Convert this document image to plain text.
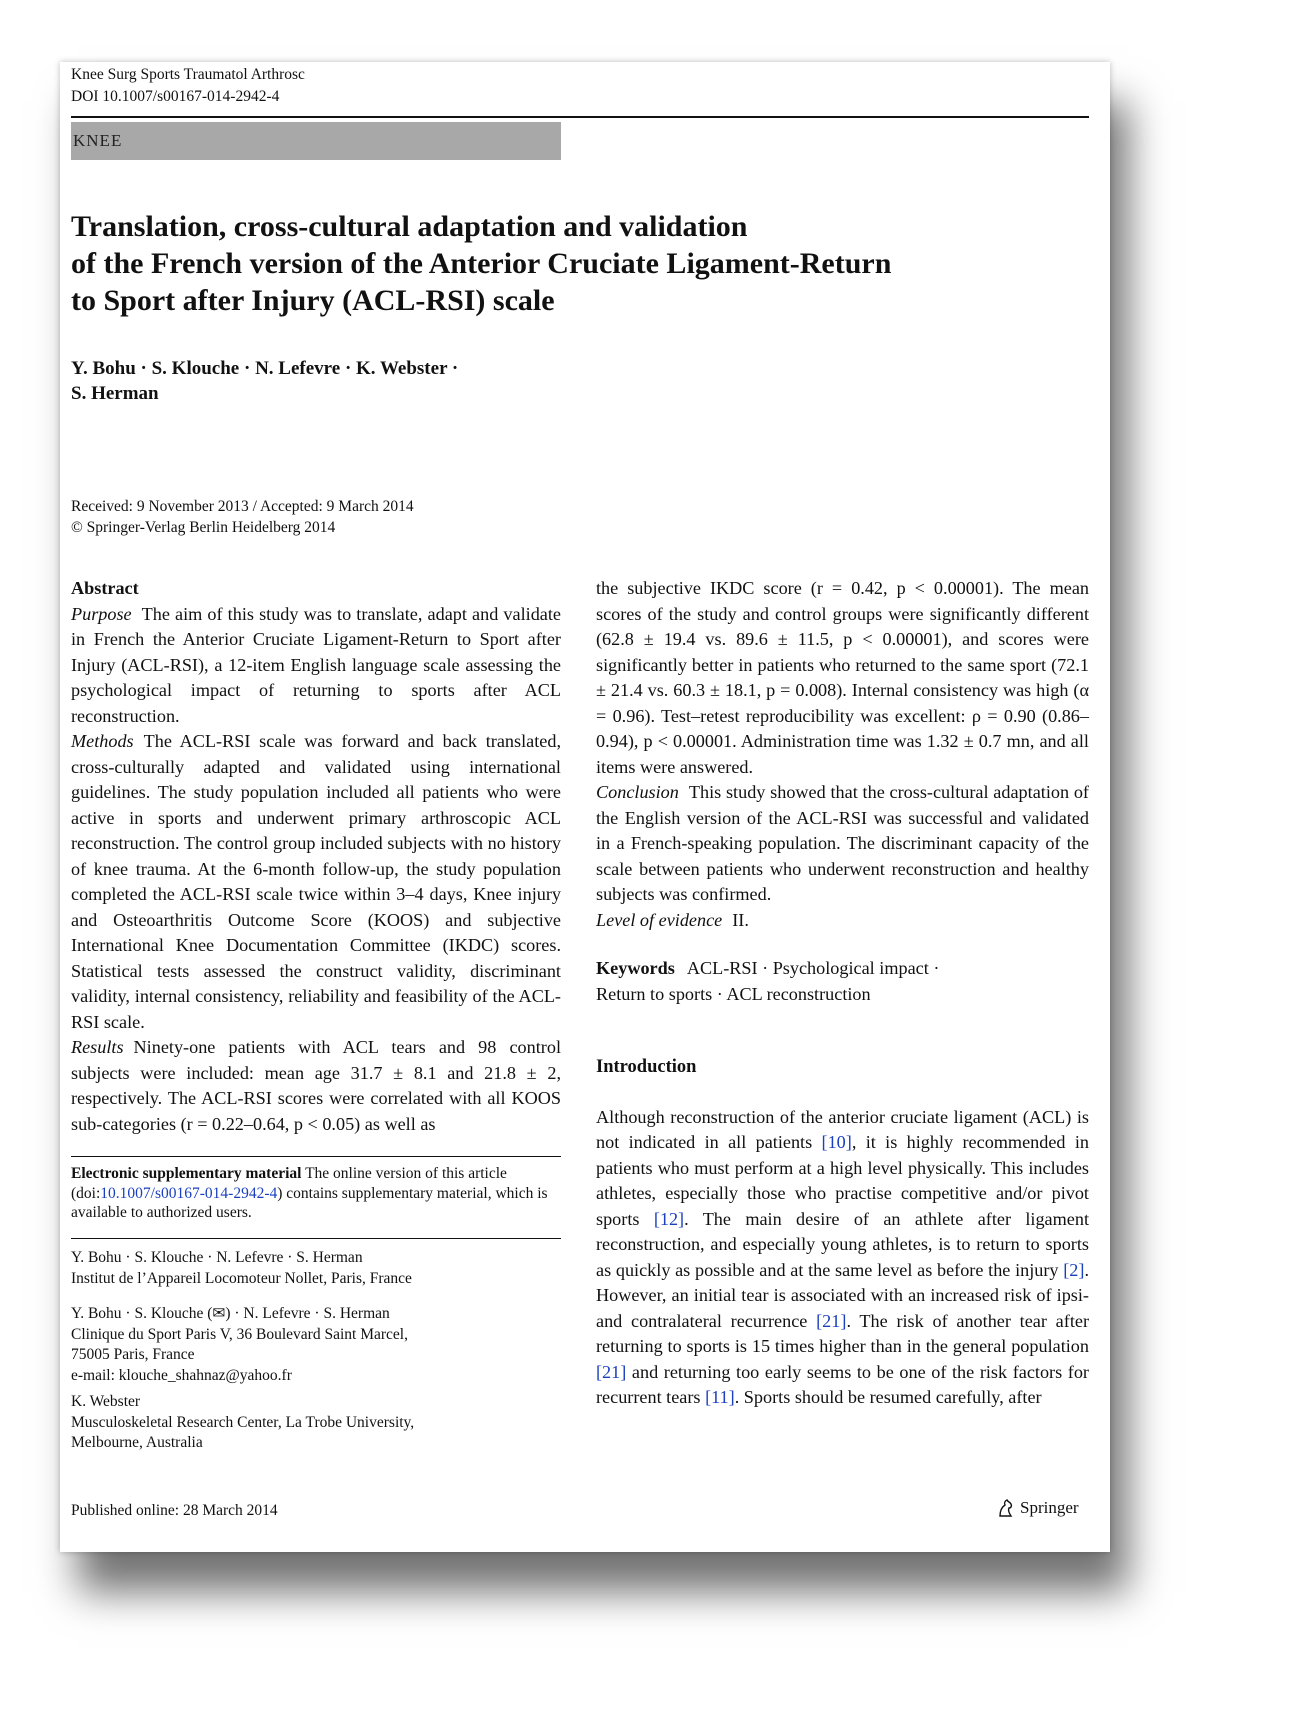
Knee Surg Sports Traumatol Arthrosc
DOI 10.1007/s00167-014-2942-4
KNEE
Translation, cross-cultural adaptation and validation
of the French version of the Anterior Cruciate Ligament-Return
to Sport after Injury (ACL-RSI) scale
Y. Bohu · S. Klouche · N. Lefevre · K. Webster ·
S. Herman
Received: 9 November 2013 / Accepted: 9 March 2014
© Springer-Verlag Berlin Heidelberg 2014

Abstract

Purpose The aim of this study was to translate, adapt and validate in French the Anterior Cruciate Ligament-Return to Sport after Injury (ACL-RSI), a 12-item English language scale assessing the psychological impact of returning to sports after ACL reconstruction.

Methods The ACL-RSI scale was forward and back translated, cross-culturally adapted and validated using international guidelines. The study population included all patients who were active in sports and underwent primary arthroscopic ACL reconstruction. The control group included subjects with no history of knee trauma. At the 6-month follow-up, the study population completed the ACL-RSI scale twice within 3–4 days, Knee injury and Osteoarthritis Outcome Score (KOOS) and subjective International Knee Documentation Committee (IKDC) scores. Statistical tests assessed the construct validity, discriminant validity, internal consistency, reliability and feasibility of the ACL-RSI scale.

Results Ninety-one patients with ACL tears and 98 control subjects were included: mean age 31.7 ± 8.1 and 21.8 ± 2, respectively. The ACL-RSI scores were correlated with all KOOS sub-categories (r = 0.22–0.64, p < 0.05) as well as

Electronic supplementary material The online version of this article (doi:10.1007/s00167-014-2942-4) contains supplementary material, which is available to authorized users.
Y. Bohu · S. Klouche · N. Lefevre · S. Herman
Institut de l’Appareil Locomoteur Nollet, Paris, France
Y. Bohu · S. Klouche (✉) · N. Lefevre · S. Herman
Clinique du Sport Paris V, 36 Boulevard Saint Marcel,
75005 Paris, France
e-mail: klouche_shahnaz@yahoo.fr
K. Webster
Musculoskeletal Research Center, La Trobe University,
Melbourne, Australia

the subjective IKDC score (r = 0.42, p < 0.00001). The mean scores of the study and control groups were significantly different (62.8 ± 19.4 vs. 89.6 ± 11.5, p < 0.00001), and scores were significantly better in patients who returned to the same sport (72.1 ± 21.4 vs. 60.3 ± 18.1, p = 0.008). Internal consistency was high (α = 0.96). Test–retest reproducibility was excellent: ρ = 0.90 (0.86–0.94), p < 0.00001. Administration time was 1.32 ± 0.7 mn, and all items were answered.

Conclusion This study showed that the cross-cultural adaptation of the English version of the ACL-RSI was successful and validated in a French-speaking population. The discriminant capacity of the scale between patients who underwent reconstruction and healthy subjects was confirmed.

Level of evidence II.

Keywords ACL-RSI · Psychological impact ·
Return to sports · ACL reconstruction

Introduction

Although reconstruction of the anterior cruciate ligament (ACL) is not indicated in all patients [10], it is highly recommended in patients who must perform at a high level physically. This includes athletes, especially those who practise competitive and/or pivot sports [12]. The main desire of an athlete after ligament reconstruction, and especially young athletes, is to return to sports as quickly as possible and at the same level as before the injury [2]. However, an initial tear is associated with an increased risk of ipsi- and contralateral recurrence [21]. The risk of another tear after returning to sports is 15 times higher than in the general population [21] and returning too early seems to be one of the risk factors for recurrent tears [11]. Sports should be resumed carefully, after

Published online: 28 March 2014	Springer
